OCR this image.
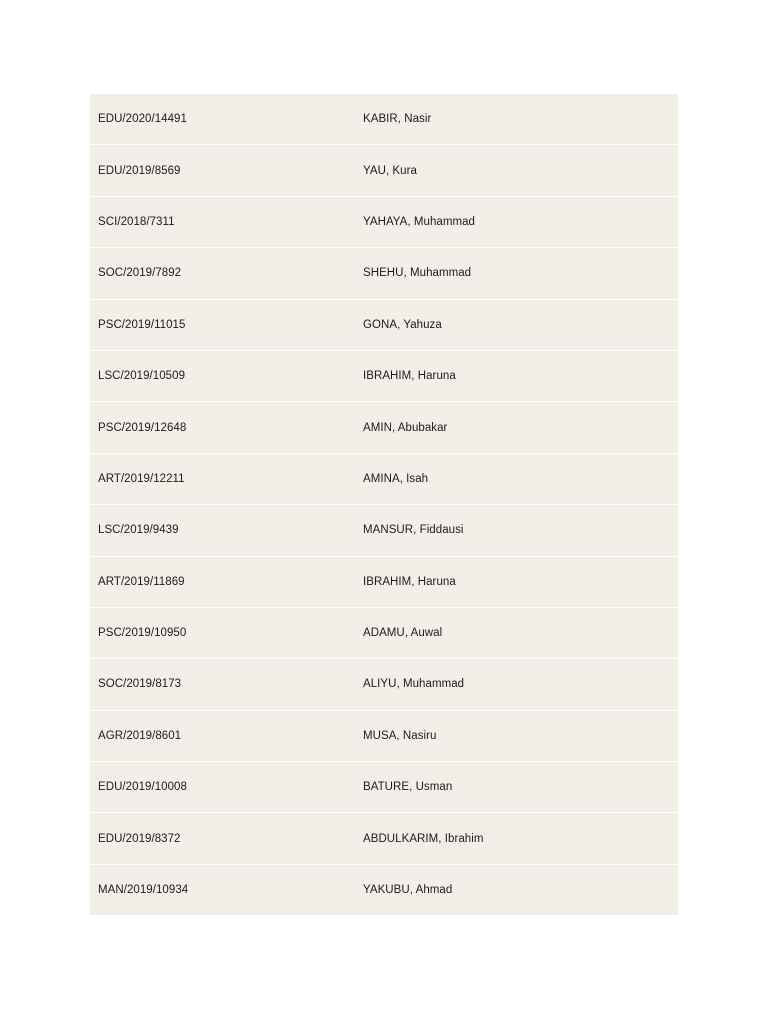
EDU/2020/14491	KABIR, Nasir
EDU/2019/8569	YAU, Kura
SCI/2018/7311	YAHAYA, Muhammad
SOC/2019/7892	SHEHU, Muhammad
PSC/2019/11015	GONA, Yahuza
LSC/2019/10509	IBRAHIM, Haruna
PSC/2019/12648	AMIN, Abubakar
ART/2019/12211	AMINA, Isah
LSC/2019/9439	MANSUR, Fiddausi
ART/2019/11869	IBRAHIM, Haruna
PSC/2019/10950	ADAMU, Auwal
SOC/2019/8173	ALIYU, Muhammad
AGR/2019/8601	MUSA, Nasiru
EDU/2019/10008	BATURE, Usman
EDU/2019/8372	ABDULKARIM, Ibrahim
MAN/2019/10934	YAKUBU, Ahmad
